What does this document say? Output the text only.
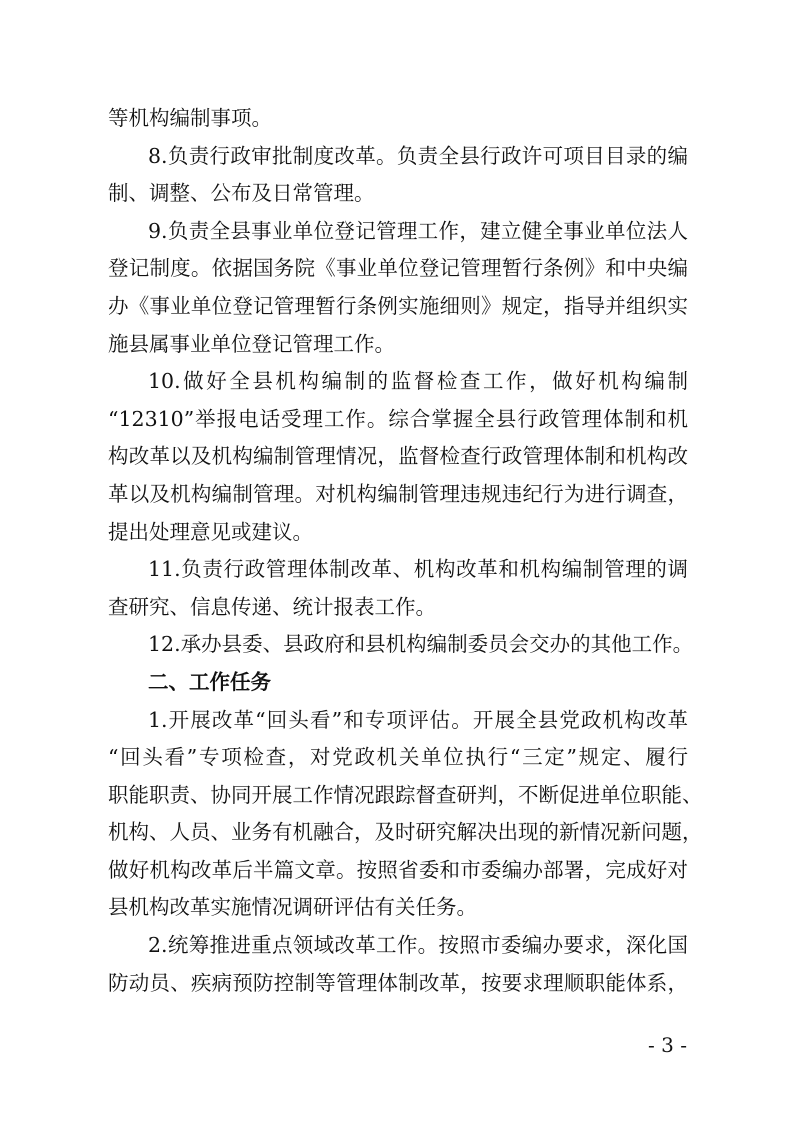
等机构编制事项。
8.负责行政审批制度改革。负责全县行政许可项目目录的编
制、调整、公布及日常管理。
9.负责全县事业单位登记管理工作，建立健全事业单位法人
登记制度。依据国务院《事业单位登记管理暂行条例》和中央编
办《事业单位登记管理暂行条例实施细则》规定，指导并组织实
施县属事业单位登记管理工作。
10.做好全县机构编制的监督检查工作，做好机构编制
“12310”举报电话受理工作。综合掌握全县行政管理体制和机
构改革以及机构编制管理情况，监督检查行政管理体制和机构改
革以及机构编制管理。对机构编制管理违规违纪行为进行调查，
提出处理意见或建议。
11.负责行政管理体制改革、机构改革和机构编制管理的调
查研究、信息传递、统计报表工作。
12.承办县委、县政府和县机构编制委员会交办的其他工作。
二、工作任务
1.开展改革“回头看”和专项评估。开展全县党政机构改革
“回头看”专项检查，对党政机关单位执行“三定”规定、履行
职能职责、协同开展工作情况跟踪督查研判，不断促进单位职能、
机构、人员、业务有机融合，及时研究解决出现的新情况新问题，
做好机构改革后半篇文章。按照省委和市委编办部署，完成好对
县机构改革实施情况调研评估有关任务。
2.统筹推进重点领域改革工作。按照市委编办要求，深化国
防动员、疾病预防控制等管理体制改革，按要求理顺职能体系，
- 3 -
